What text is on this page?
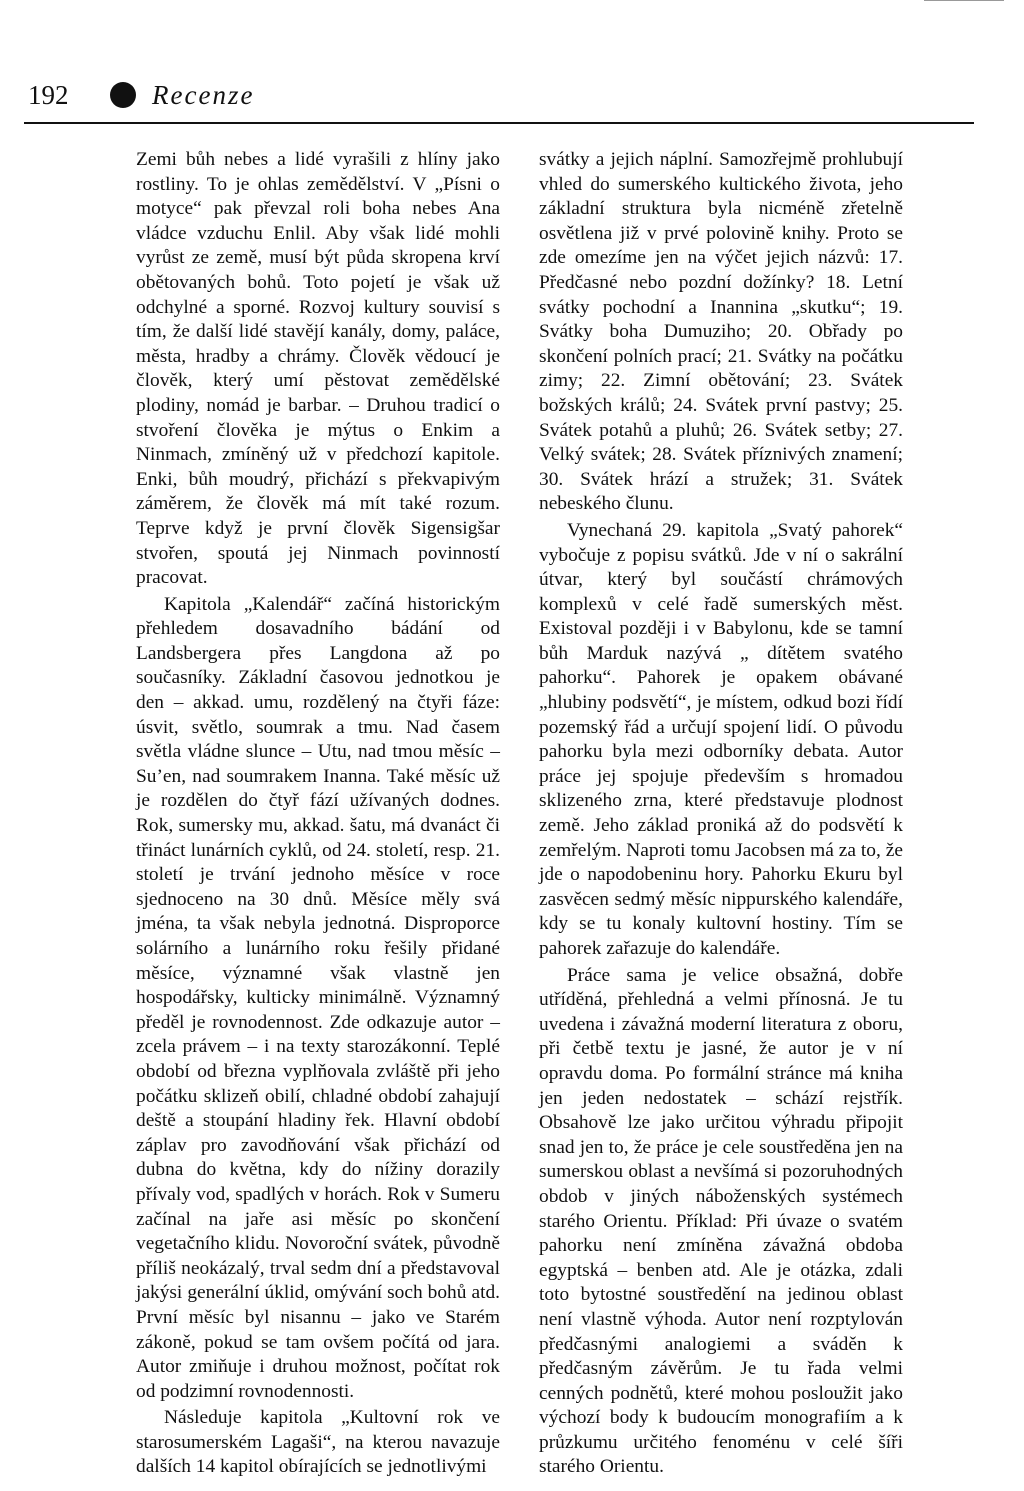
192	Recenze

Zemi bůh nebes a lidé vyrašili z hlíny jako rostliny. To je ohlas zemědělství. V „Písni o motyce“ pak převzal roli boha nebes Ana vládce vzduchu Enlil. Aby však lidé mohli vyrůst ze země, musí být půda skropena krví obětovaných bohů. Toto pojetí je však už odchylné a sporné. Rozvoj kultury souvisí s tím, že další lidé stavějí kanály, domy, paláce, města, hradby a chrámy. Člověk vědoucí je člověk, který umí pěstovat zemědělské plodiny, nomád je barbar. – Druhou tradicí o stvoření člověka je mýtus o Enkim a Ninmach, zmíněný už v předchozí kapitole. Enki, bůh moudrý, přichází s překvapivým záměrem, že člověk má mít také rozum. Teprve když je první člověk Sigensigšar stvořen, spoutá jej Ninmach povinností pracovat.

Kapitola „Kalendář“ začíná historickým přehledem dosavadního bádání od Landsbergera přes Langdona až po současníky. Základní časovou jednotkou je den – akkad. umu, rozdělený na čtyři fáze: úsvit, světlo, soumrak a tmu. Nad časem světla vládne slunce – Utu, nad tmou měsíc – Su’en, nad soumrakem Inanna. Také měsíc už je rozdělen do čtyř fází užívaných dodnes. Rok, sumersky mu, akkad. šatu, má dvanáct či třináct lunárních cyklů, od 24. století, resp. 21. století je trvání jednoho měsíce v roce sjednoceno na 30 dnů. Měsíce měly svá jména, ta však nebyla jednotná. Disproporce solárního a lunárního roku řešily přidané měsíce, významné však vlastně jen hospodářsky, kulticky minimálně. Významný předěl je rovnodennost. Zde odkazuje autor – zcela právem – i na texty starozákonní. Teplé období od března vyplňovala zvláště při jeho počátku sklizeň obilí, chladné období zahajují deště a stoupání hladiny řek. Hlavní období záplav pro zavodňování však přichází od dubna do května, kdy do nížiny dorazily přívaly vod, spadlých v horách. Rok v Sumeru začínal na jaře asi měsíc po skončení vegetačního klidu. Novoroční svátek, původně příliš neokázalý, trval sedm dní a představoval jakýsi generální úklid, omývání soch bohů atd. První měsíc byl nisannu – jako ve Starém zákoně, pokud se tam ovšem počítá od jara. Autor zmiňuje i druhou možnost, počítat rok od podzimní rovnodennosti.

Následuje kapitola „Kultovní rok ve starosumerském Lagaši“, na kterou navazuje dalších 14 kapitol obírajících se jednotlivými

svátky a jejich náplní. Samozřejmě prohlubují vhled do sumerského kultického života, jeho základní struktura byla nicméně zřetelně osvětlena již v prvé polovině knihy. Proto se zde omezíme jen na výčet jejich názvů: 17. Předčasné nebo pozdní dožínky? 18. Letní svátky pochodní a Inannina „skutku“; 19. Svátky boha Dumuziho; 20. Obřady po skončení polních prací; 21. Svátky na počátku zimy; 22. Zimní obětování; 23. Svátek božských králů; 24. Svátek první pastvy; 25. Svátek potahů a pluhů; 26. Svátek setby; 27. Velký svátek; 28. Svátek příznivých znamení; 30. Svátek hrází a stružek; 31. Svátek nebeského člunu.

Vynechaná 29. kapitola „Svatý pahorek“ vybočuje z popisu svátků. Jde v ní o sakrální útvar, který byl součástí chrámových komplexů v celé řadě sumerských měst. Existoval později i v Babylonu, kde se tamní bůh Marduk nazývá „ dítětem svatého pahorku“. Pahorek je opakem obávané „hlubiny podsvětí“, je místem, odkud bozi řídí pozemský řád a určují spojení lidí. O původu pahorku byla mezi odborníky debata. Autor práce jej spojuje především s hromadou sklizeného zrna, které představuje plodnost země. Jeho základ proniká až do podsvětí k zemřelým. Naproti tomu Jacobsen má za to, že jde o napodobeninu hory. Pahorku Ekuru byl zasvěcen sedmý měsíc nippurského kalendáře, kdy se tu konaly kultovní hostiny. Tím se pahorek zařazuje do kalendáře.

Práce sama je velice obsažná, dobře utříděná, přehledná a velmi přínosná. Je tu uvedena i závažná moderní literatura z oboru, při četbě textu je jasné, že autor je v ní opravdu doma. Po formální stránce má kniha jen jeden nedostatek – schází rejstřík. Obsahově lze jako určitou výhradu připojit snad jen to, že práce je cele soustředěna jen na sumerskou oblast a nevšímá si pozoruhodných obdob v jiných náboženských systémech starého Orientu. Příklad: Při úvaze o svatém pahorku není zmíněna závažná obdoba egyptská – benben atd. Ale je otázka, zdali toto bytostné soustředění na jedinou oblast není vlastně výhoda. Autor není rozptylován předčasnými analogiemi a sváděn k předčasným závěrům. Je tu řada velmi cenných podnětů, které mohou posloužit jako výchozí body k budoucím monografiím a k průzkumu určitého fenoménu v celé šíři starého Orientu.
